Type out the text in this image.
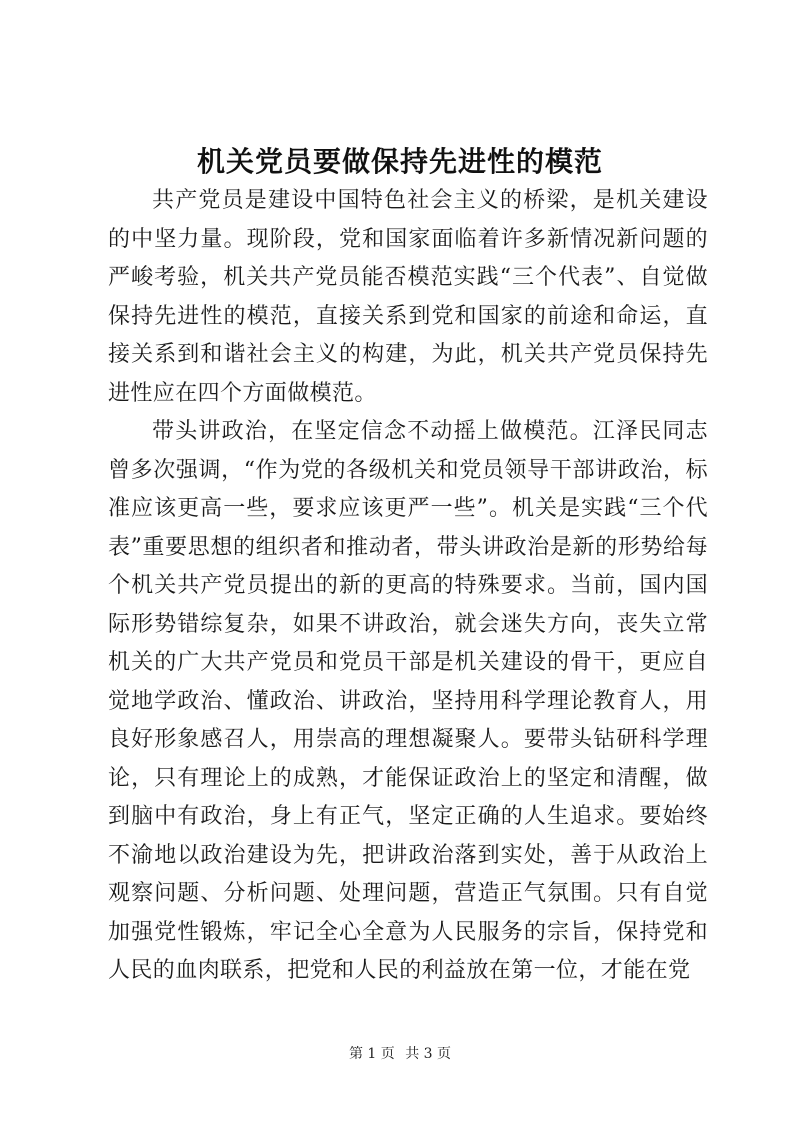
机关党员要做保持先进性的模范

共产党员是建设中国特色社会主义的桥梁，是机关建设的中坚力量。现阶段，党和国家面临着许多新情况新问题的严峻考验，机关共产党员能否模范实践“三个代表”、自觉做保持先进性的模范，直接关系到党和国家的前途和命运，直接关系到和谐社会主义的构建，为此，机关共产党员保持先进性应在四个方面做模范。

带头讲政治，在坚定信念不动摇上做模范。江泽民同志曾多次强调，“作为党的各级机关和党员领导干部讲政治，标准应该更高一些，要求应该更严一些”。机关是实践“三个代表”重要思想的组织者和推动者，带头讲政治是新的形势给每个机关共产党员提出的新的更高的特殊要求。当前，国内国际形势错综复杂，如果不讲政治，就会迷失方向，丧失立常机关的广大共产党员和党员干部是机关建设的骨干，更应自觉地学政治、懂政治、讲政治，坚持用科学理论教育人，用良好形象感召人，用崇高的理想凝聚人。要带头钻研科学理论，只有理论上的成熟，才能保证政治上的坚定和清醒，做到脑中有政治，身上有正气，坚定正确的人生追求。要始终不渝地以政治建设为先，把讲政治落到实处，善于从政治上观察问题、分析问题、处理问题，营造正气氛围。只有自觉加强党性锻炼，牢记全心全意为人民服务的宗旨，保持党和人民的血肉联系，把党和人民的利益放在第一位，才能在党

第 1 页 共 3 页
